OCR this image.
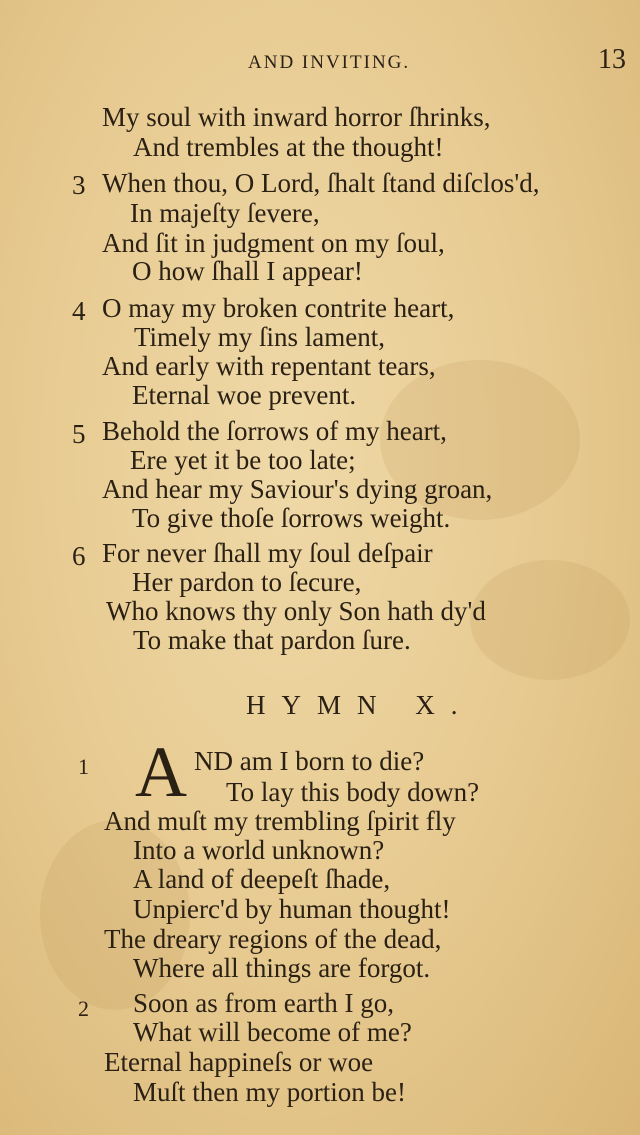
AND INVITING.	13
My soul with inward horror ſhrinks,
And trembles at the thought!
3 When thou, O Lord, ſhalt ſtand diſclos'd,
In majeſty ſevere,
And ſit in judgment on my ſoul,
O how ſhall I appear!
4 O may my broken contrite heart,
Timely my ſins lament,
And early with repentant tears,
Eternal woe prevent.
5 Behold the ſorrows of my heart,
Ere yet it be too late;
And hear my Saviour's dying groan,
To give thoſe ſorrows weight.
6 For never ſhall my ſoul deſpair
Her pardon to ſecure,
Who knows thy only Son hath dy'd
To make that pardon ſure.
HYMN X.
1 A ND am I born to die?
To lay this body down?
And muſt my trembling ſpirit fly
Into a world unknown?
A land of deepeſt ſhade,
Unpierc'd by human thought!
The dreary regions of the dead,
Where all things are forgot.
2 Soon as from earth I go,
What will become of me?
Eternal happineſs or woe
Muſt then my portion be!
